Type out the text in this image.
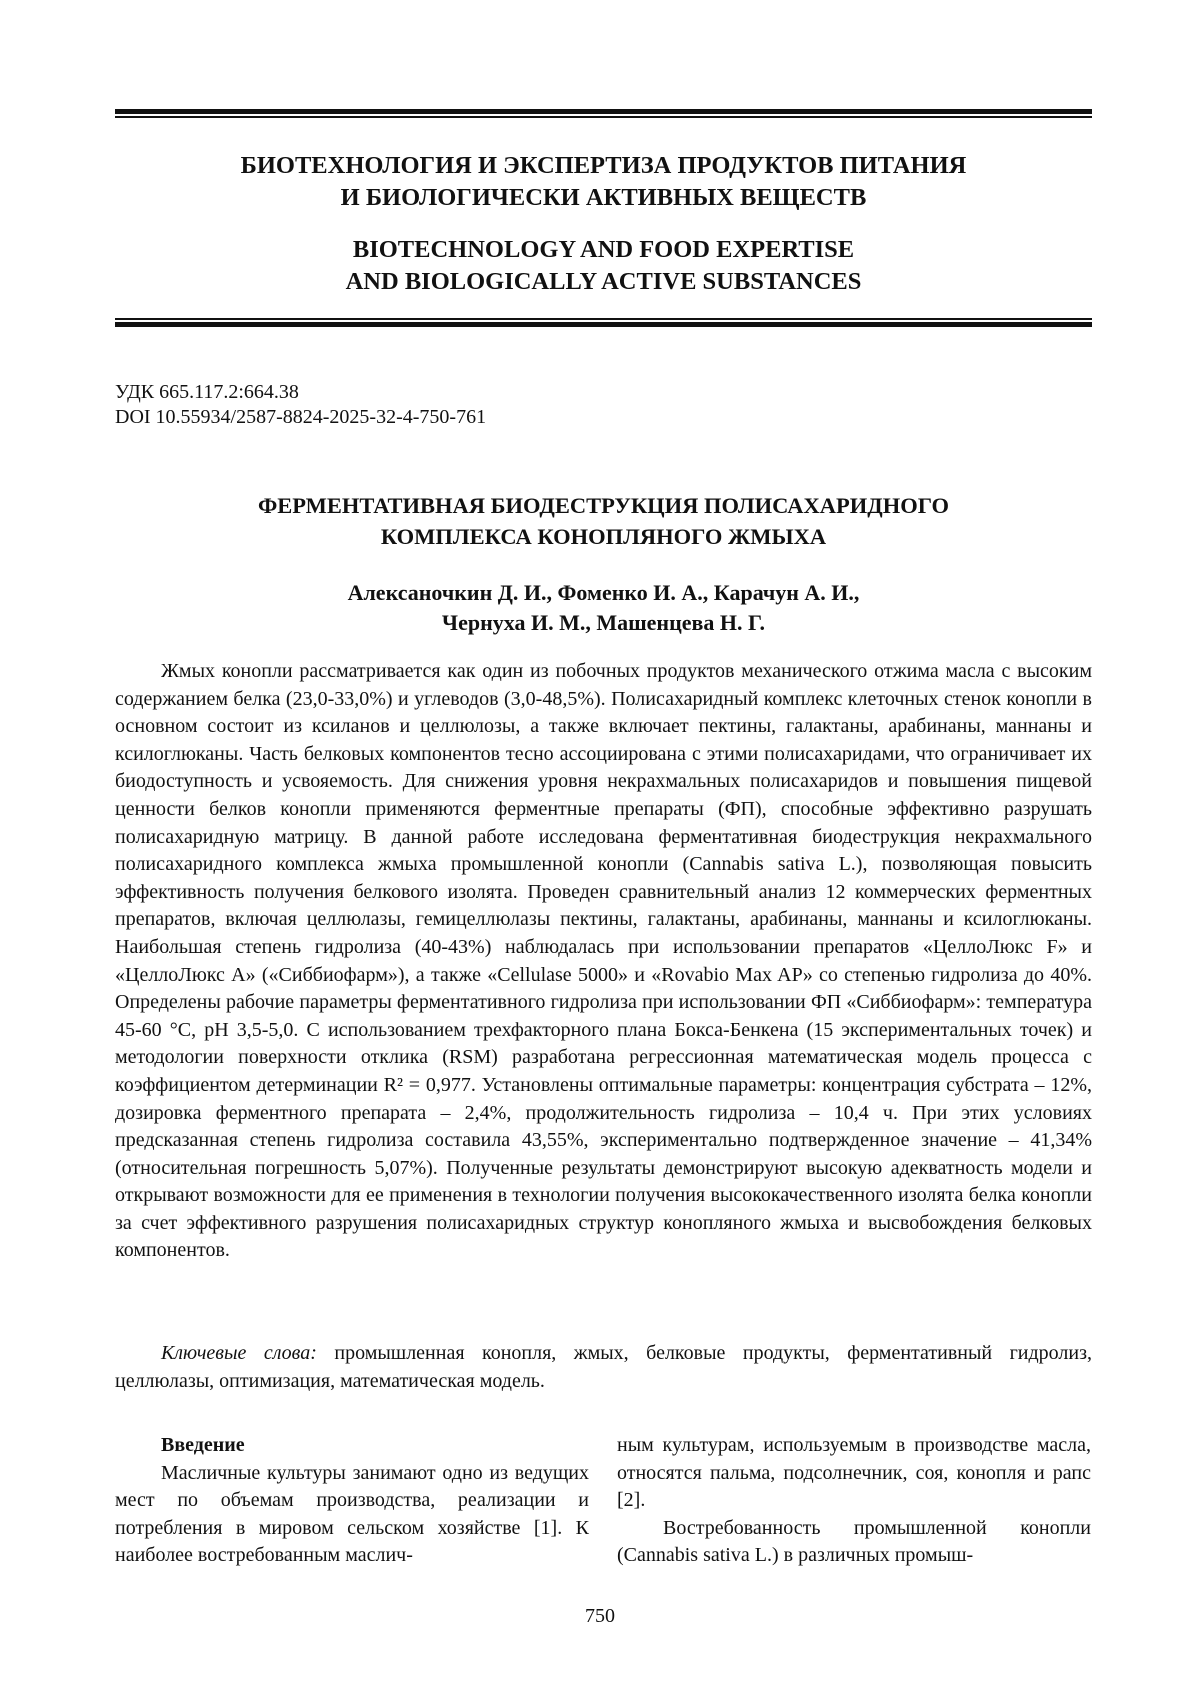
БИОТЕХНОЛОГИЯ И ЭКСПЕРТИЗА ПРОДУКТОВ ПИТАНИЯ
И БИОЛОГИЧЕСКИ АКТИВНЫХ ВЕЩЕСТВ
BIOTECHNOLOGY AND FOOD EXPERTISE
AND BIOLOGICALLY ACTIVE SUBSTANCES
УДК 665.117.2:664.38
DOI 10.55934/2587-8824-2025-32-4-750-761
ФЕРМЕНТАТИВНАЯ БИОДЕСТРУКЦИЯ ПОЛИСАХАРИДНОГО
КОМПЛЕКСА КОНОПЛЯНОГО ЖМЫХА
Алексаночкин Д. И., Фоменко И. А., Карачун А. И.,
Чернуха И. М., Машенцева Н. Г.
Жмых конопли рассматривается как один из побочных продуктов механического отжима масла с высоким содержанием белка (23,0-33,0%) и углеводов (3,0-48,5%). Полисахаридный комплекс клеточных стенок конопли в основном состоит из ксиланов и целлюлозы, а также включает пектины, галактаны, арабинаны, маннаны и ксилоглюканы. Часть белковых компонентов тесно ассоциирована с этими полисахаридами, что ограничивает их биодоступность и усвояемость. Для снижения уровня некрахмальных полисахаридов и повышения пищевой ценности белков конопли применяются ферментные препараты (ФП), способные эффективно разрушать полисахаридную матрицу. В данной работе исследована ферментативная биодеструкция некрахмального полисахаридного комплекса жмыха промышленной конопли (Cannabis sativa L.), позволяющая повысить эффективность получения белкового изолята. Проведен сравнительный анализ 12 коммерческих ферментных препаратов, включая целлюлазы, гемицеллюлазы пектины, галактаны, арабинаны, маннаны и ксилоглюканы. Наибольшая степень гидролиза (40-43%) наблюдалась при использовании препаратов «ЦеллоЛюкс F» и «ЦеллоЛюкс А» («Сиббиофарм»), а также «Cellulase 5000» и «Rovabio Max AP» со степенью гидролиза до 40%. Определены рабочие параметры ферментативного гидролиза при использовании ФП «Сиббиофарм»: температура 45-60 °С, pH 3,5-5,0. С использованием трехфакторного плана Бокса-Бенкена (15 экспериментальных точек) и методологии поверхности отклика (RSM) разработана регрессионная математическая модель процесса с коэффициентом детерминации R² = 0,977. Установлены оптимальные параметры: концентрация субстрата – 12%, дозировка ферментного препарата – 2,4%, продолжительность гидролиза – 10,4 ч. При этих условиях предсказанная степень гидролиза составила 43,55%, экспериментально подтвержденное значение – 41,34% (относительная погрешность 5,07%). Полученные результаты демонстрируют высокую адекватность модели и открывают возможности для ее применения в технологии получения высококачественного изолята белка конопли за счет эффективного разрушения полисахаридных структур конопляного жмыха и высвобождения белковых компонентов.
Ключевые слова: промышленная конопля, жмых, белковые продукты, ферментативный гидролиз, целлюлазы, оптимизация, математическая модель.

Введение

Масличные культуры занимают одно из ведущих мест по объемам производства, реализации и потребления в мировом сельском хозяйстве [1]. К наиболее востребованным маслич-

ным культурам, используемым в производстве масла, относятся пальма, подсолнечник, соя, конопля и рапс [2].

Востребованность промышленной конопли (Cannabis sativa L.) в различных промыш-

750
